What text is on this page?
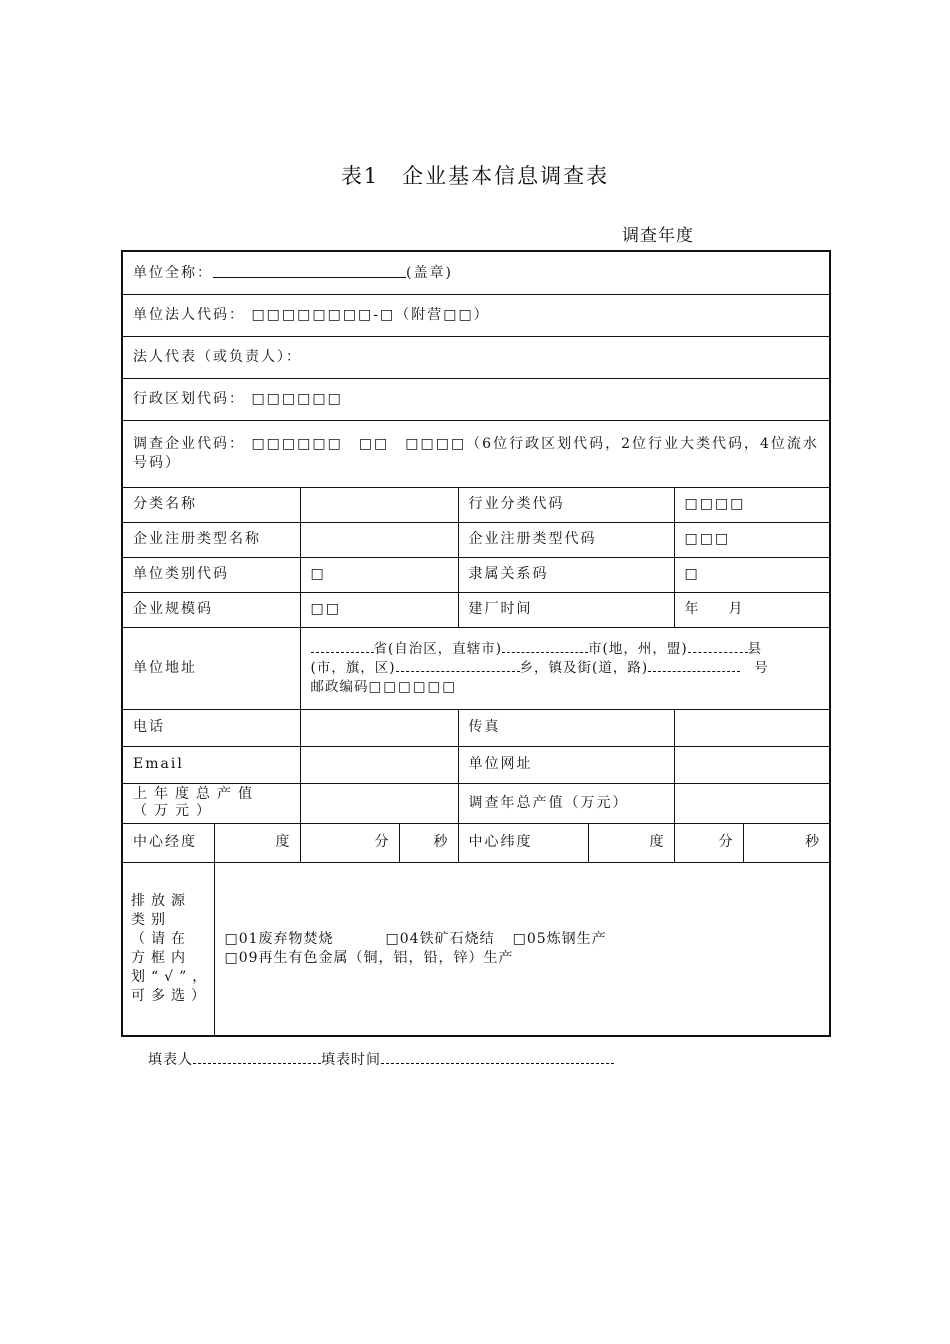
表1　企业基本信息调查表
调查年度
单位全称： (盖章)							
单位法人代码： □□□□□□□□-□（附营□□）							
法人代表（或负责人）：							
行政区划代码： □□□□□□							
调查企业代码： □□□□□□　□□　□□□□（6位行政区划代码，2位行业大类代码，4位流水号码）							
分类名称				行业分类代码		□□□□	
企业注册类型名称				企业注册类型代码		□□□	
单位类别代码		□		隶属关系码		□	
企业规模码		□□		建厂时间		年 月	
单位地址		省(自治区，直辖市) 市(地，州，盟) 县
(市，旗，区) 乡，镇及街(道，路) 号
邮政编码□□□□□□					
电话				传真			
Email				单位网址			
上年度总产值（万元）				调查年总产值（万元）			
中心经度	度	分	秒	中心纬度	度	分	秒
排放源类别（请在方框内划“√”，可多选）	□01废弃物焚烧 □04铁矿石烧结 □05炼钢生产
□09再生有色金属（铜，铝，铅，锌）生产						
填表人	填表时间
